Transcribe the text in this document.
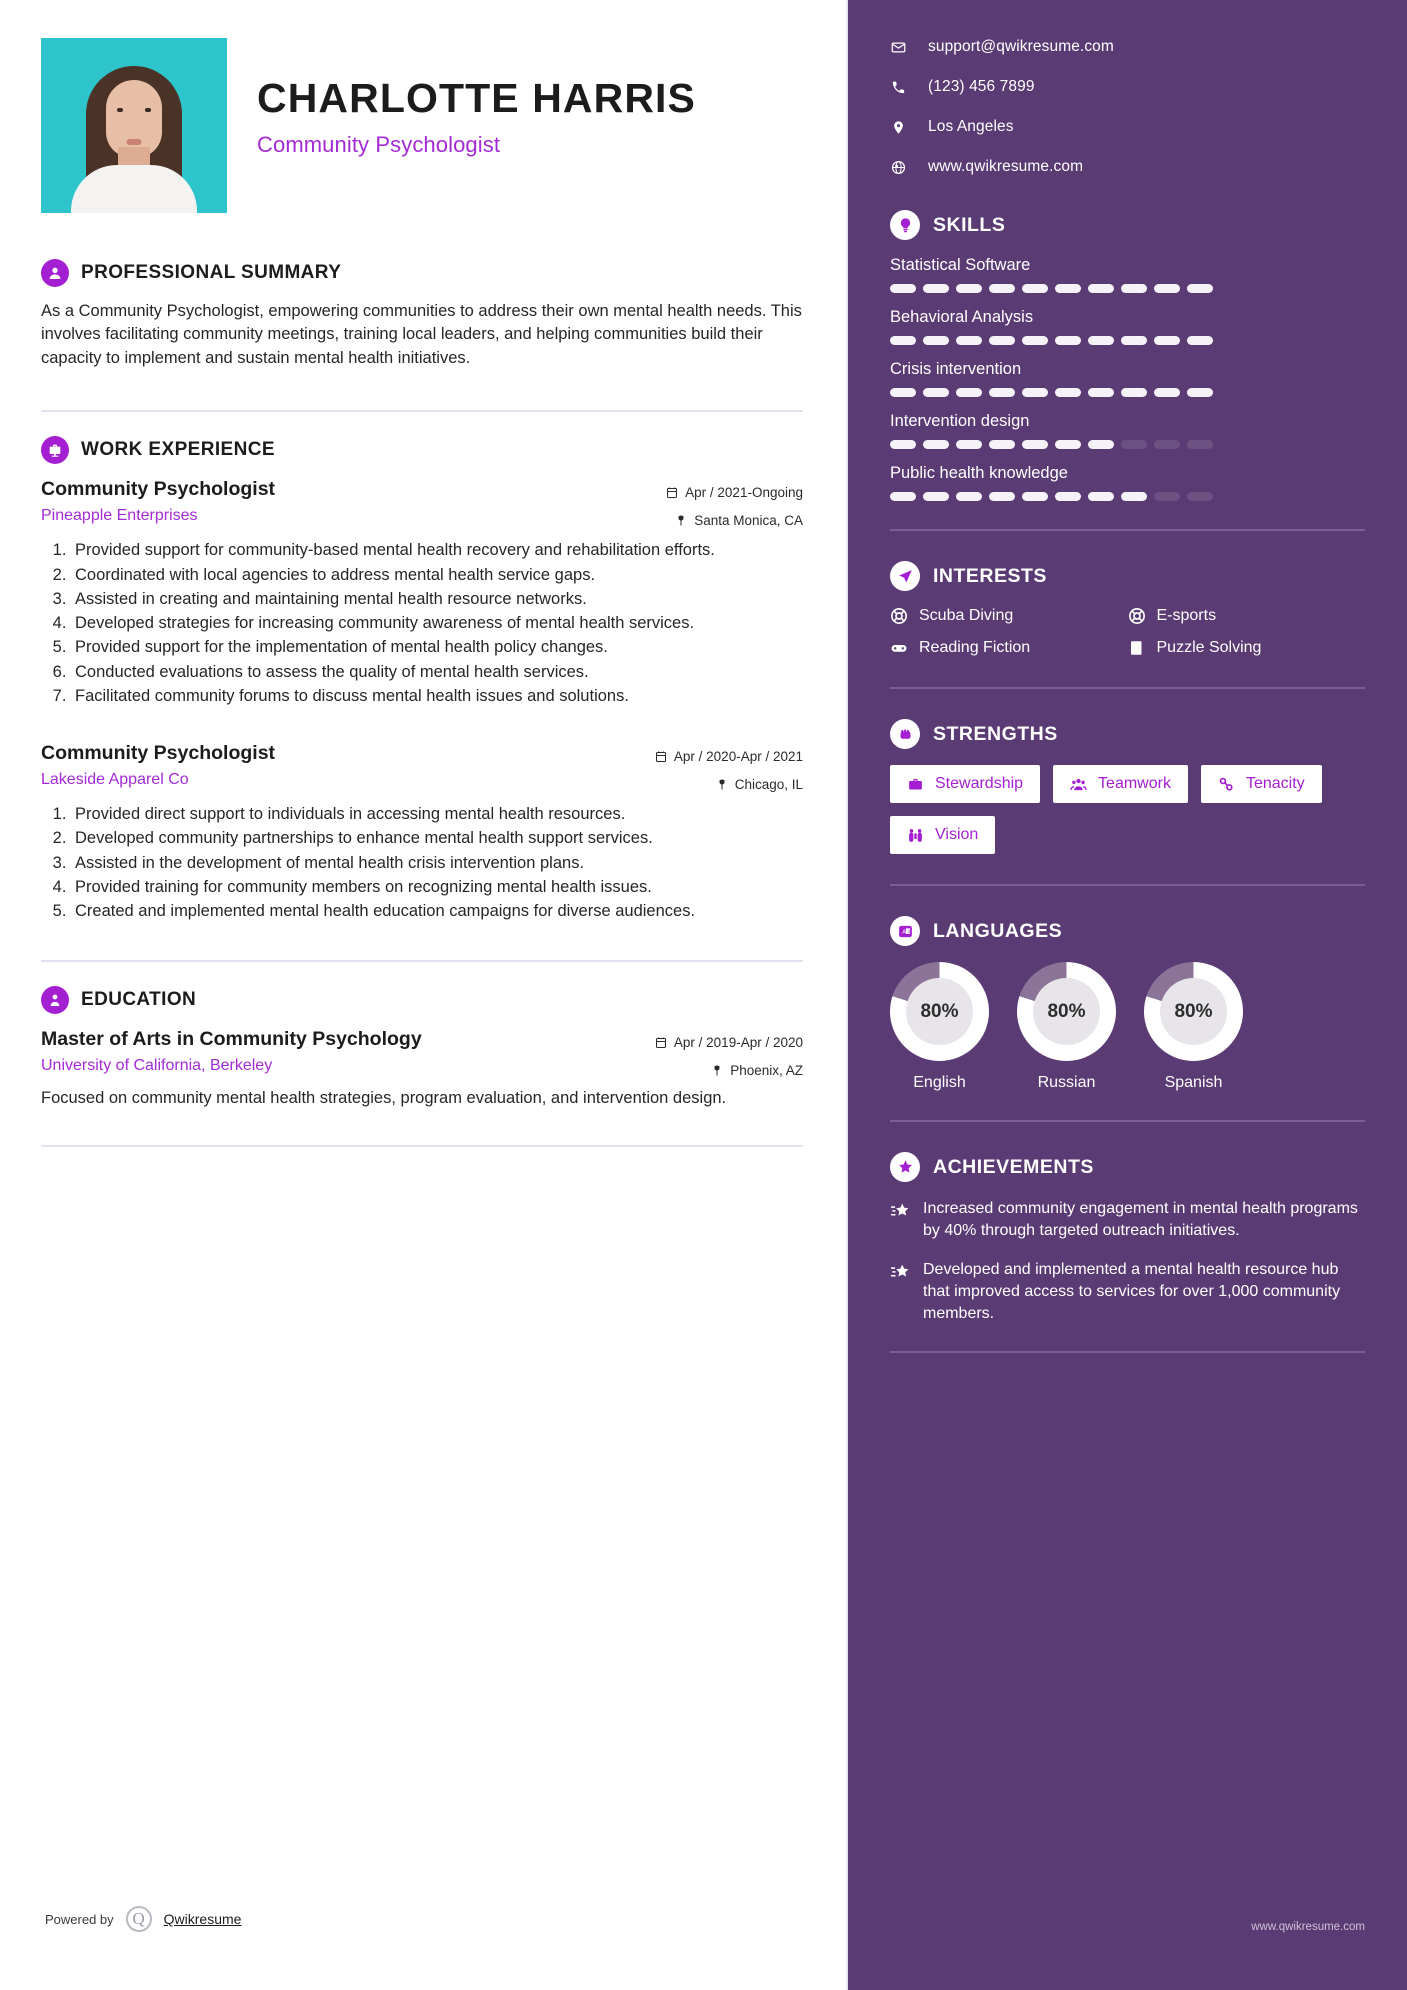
CHARLOTTE HARRIS
Community Psychologist
PROFESSIONAL SUMMARY
As a Community Psychologist, empowering communities to address their own mental health needs. This involves facilitating community meetings, training local leaders, and helping communities build their capacity to implement and sustain mental health initiatives.
WORK EXPERIENCE
Community Psychologist
Pineapple Enterprises
Apr / 2021-Ongoing
Santa Monica, CA
1. Provided support for community-based mental health recovery and rehabilitation efforts.
2. Coordinated with local agencies to address mental health service gaps.
3. Assisted in creating and maintaining mental health resource networks.
4. Developed strategies for increasing community awareness of mental health services.
5. Provided support for the implementation of mental health policy changes.
6. Conducted evaluations to assess the quality of mental health services.
7. Facilitated community forums to discuss mental health issues and solutions.
Community Psychologist
Lakeside Apparel Co
Apr / 2020-Apr / 2021
Chicago, IL
1. Provided direct support to individuals in accessing mental health resources.
2. Developed community partnerships to enhance mental health support services.
3. Assisted in the development of mental health crisis intervention plans.
4. Provided training for community members on recognizing mental health issues.
5. Created and implemented mental health education campaigns for diverse audiences.
EDUCATION
Master of Arts in Community Psychology
University of California, Berkeley
Apr / 2019-Apr / 2020
Phoenix, AZ
Focused on community mental health strategies, program evaluation, and intervention design.
Powered by	Q	Qwikresume
support@qwikresume.com
(123) 456 7899
Los Angeles
www.qwikresume.com
SKILLS
Statistical Software
Behavioral Analysis
Crisis intervention
Intervention design
Public health knowledge
INTERESTS
Scuba Diving	E-sports
Reading Fiction	Puzzle Solving
STRENGTHS
Stewardship	Teamwork	Tenacity
Vision
A 文 LANGUAGES
80%
English
80%
Russian
80%
Spanish
ACHIEVEMENTS
Increased community engagement in mental health programs by 40% through targeted outreach initiatives.
Developed and implemented a mental health resource hub that improved access to services for over 1,000 community members.
www.qwikresume.com
